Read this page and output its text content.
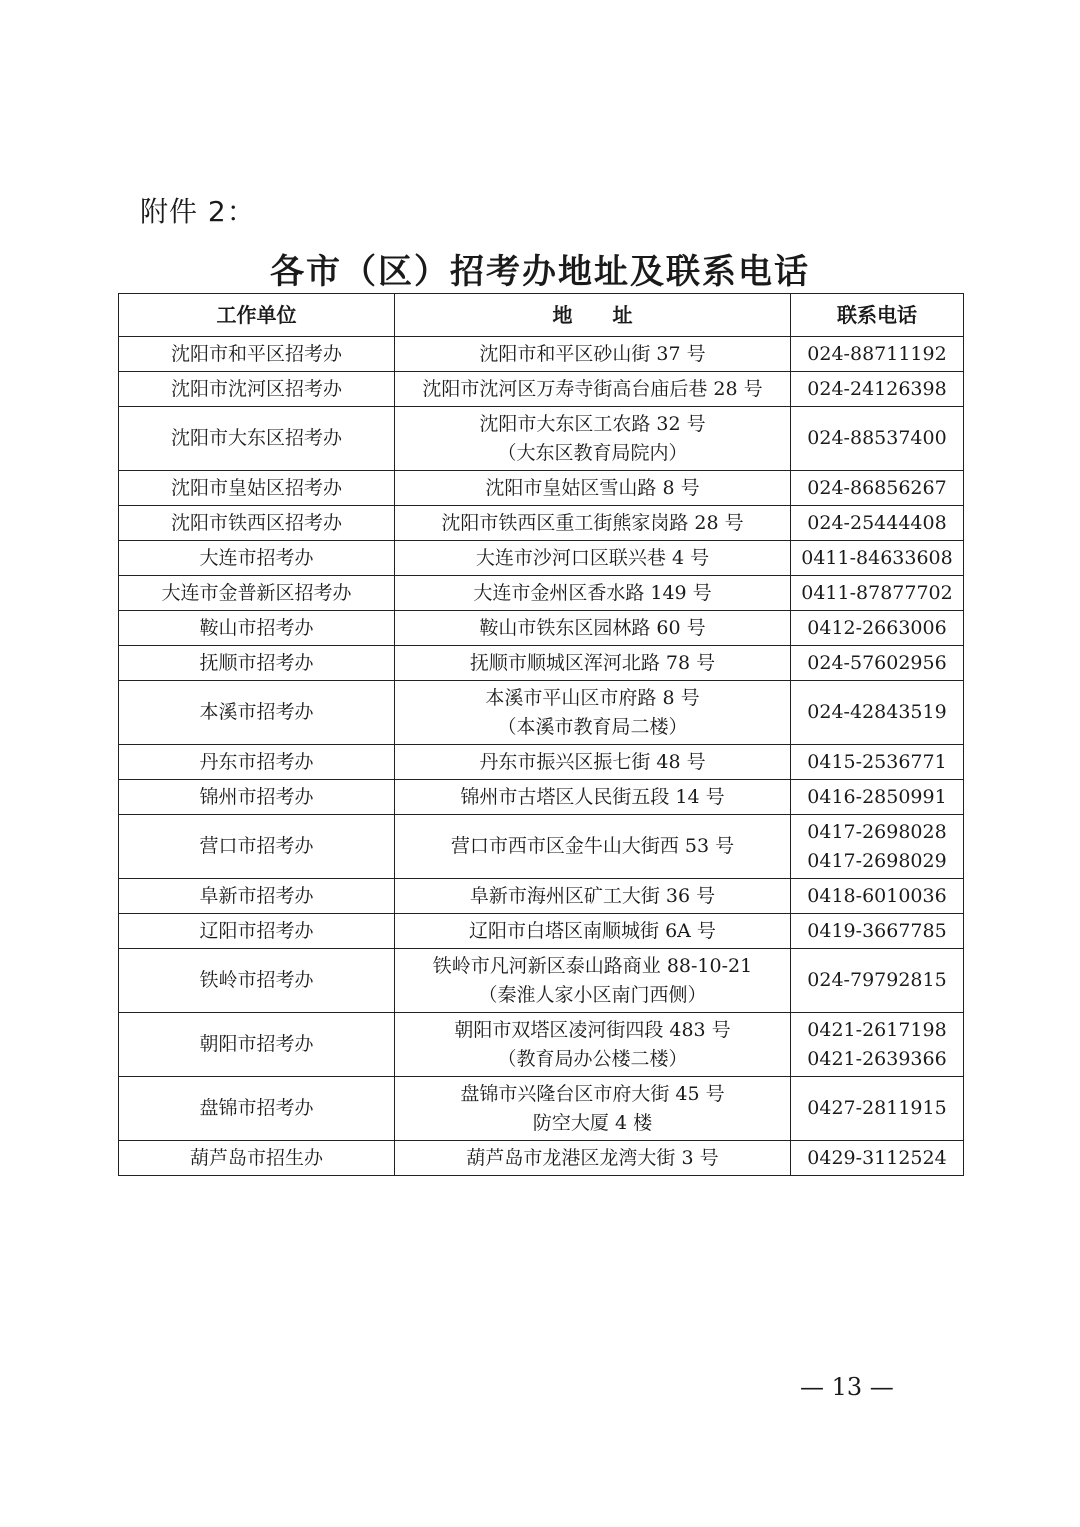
附件 2：
各市（区）招考办地址及联系电话
工作单位	地　　址	联系电话
沈阳市和平区招考办	沈阳市和平区砂山街 37 号	024-88711192

沈阳市沈河区招考办	沈阳市沈河区万寿寺街高台庙后巷 28 号	024-24126398

沈阳市大东区招考办	沈阳市大东区工农路 32 号
（大东区教育局院内）	024-88537400

沈阳市皇姑区招考办	沈阳市皇姑区雪山路 8 号	024-86856267

沈阳市铁西区招考办	沈阳市铁西区重工街熊家岗路 28 号	024-25444408

大连市招考办	大连市沙河口区联兴巷 4 号	0411-84633608

大连市金普新区招考办	大连市金州区香水路 149 号	0411-87877702

鞍山市招考办	鞍山市铁东区园林路 60 号	0412-2663006

抚顺市招考办	抚顺市顺城区浑河北路 78 号	024-57602956

本溪市招考办	本溪市平山区市府路 8 号
（本溪市教育局二楼）	024-42843519

丹东市招考办	丹东市振兴区振七街 48 号	0415-2536771

锦州市招考办	锦州市古塔区人民街五段 14 号	0416-2850991

营口市招考办	营口市西市区金牛山大街西 53 号	0417-2698028
0417-2698029

阜新市招考办	阜新市海州区矿工大街 36 号	0418-6010036

辽阳市招考办	辽阳市白塔区南顺城街 6A 号	0419-3667785

铁岭市招考办	铁岭市凡河新区泰山路商业 88-10-21
（秦淮人家小区南门西侧）	024-79792815

朝阳市招考办	朝阳市双塔区凌河街四段 483 号
（教育局办公楼二楼）	0421-2617198
0421-2639366

盘锦市招考办	盘锦市兴隆台区市府大街 45 号
防空大厦 4 楼	0427-2811915

葫芦岛市招生办	葫芦岛市龙港区龙湾大街 3 号	0429-3112524
— 13 —
